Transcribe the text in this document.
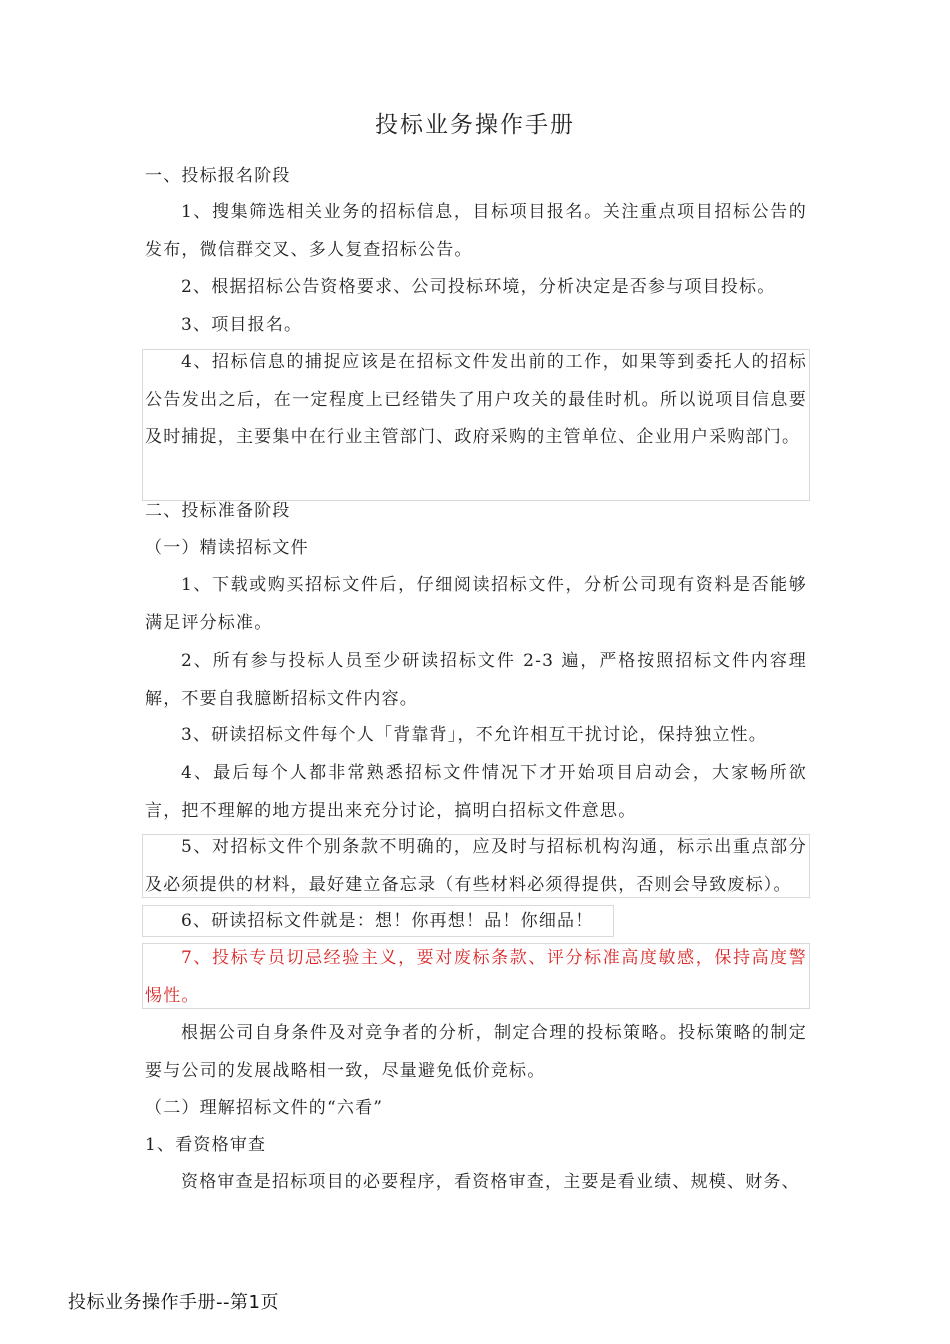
投标业务操作手册
一、投标报名阶段
1、搜集筛选相关业务的招标信息，目标项目报名。关注重点项目招标公告的发布，微信群交叉、多人复查招标公告。
2、根据招标公告资格要求、公司投标环境，分析决定是否参与项目投标。
3、项目报名。
4、招标信息的捕捉应该是在招标文件发出前的工作，如果等到委托人的招标公告发出之后，在一定程度上已经错失了用户攻关的最佳时机。所以说项目信息要及时捕捉，主要集中在行业主管部门、政府采购的主管单位、企业用户采购部门。
二、投标准备阶段
（一）精读招标文件
1、下载或购买招标文件后，仔细阅读招标文件，分析公司现有资料是否能够满足评分标准。
2、所有参与投标人员至少研读招标文件 2-3 遍，严格按照招标文件内容理解，不要自我臆断招标文件内容。
3、研读招标文件每个人「背靠背」，不允许相互干扰讨论，保持独立性。
4、最后每个人都非常熟悉招标文件情况下才开始项目启动会，大家畅所欲言，把不理解的地方提出来充分讨论，搞明白招标文件意思。
5、对招标文件个别条款不明确的，应及时与招标机构沟通，标示出重点部分及必须提供的材料，最好建立备忘录（有些材料必须得提供，否则会导致废标）。
6、研读招标文件就是：想！你再想！品！你细品！
7、投标专员切忌经验主义，要对废标条款、评分标准高度敏感，保持高度警惕性。
根据公司自身条件及对竞争者的分析，制定合理的投标策略。投标策略的制定要与公司的发展战略相一致，尽量避免低价竞标。
（二）理解招标文件的“六看”
1、看资格审查
资格审查是招标项目的必要程序，看资格审查，主要是看业绩、规模、财务、
投标业务操作手册--第1页
